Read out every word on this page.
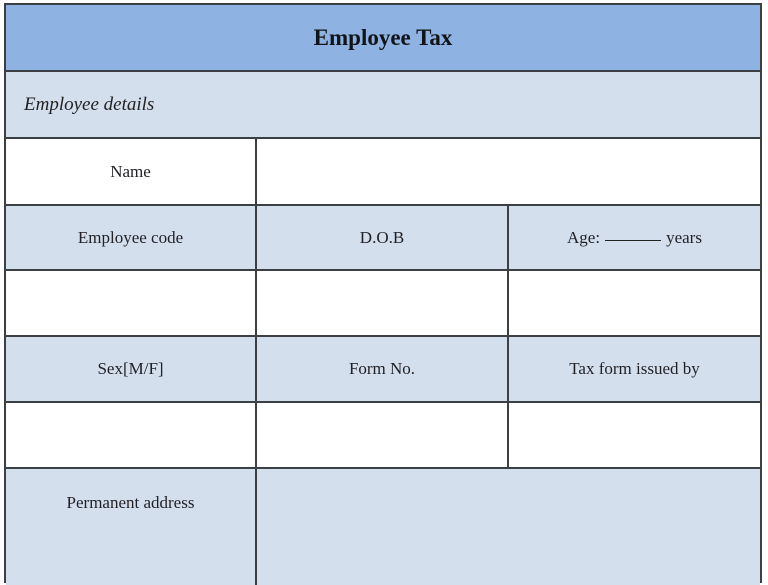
Employee Tax
Employee details
Name
Employee code	D.O.B	Age:	years
Sex[M/F]	Form No.	Tax form issued by
Permanent address
